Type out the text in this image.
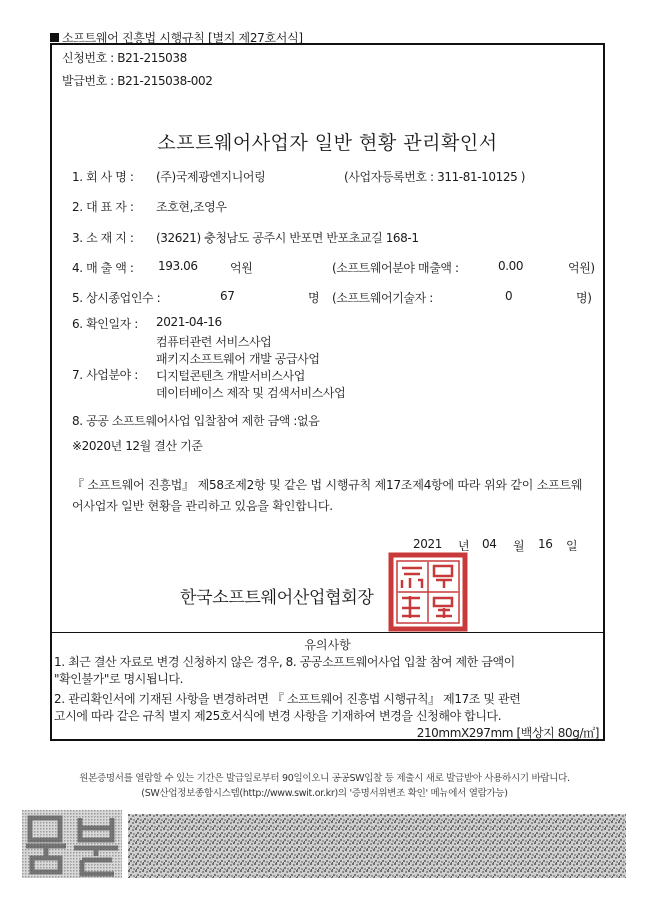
소프트웨어 진흥법 시행규칙 [별지 제27호서식]
신청번호 : B21-215038
발급번호 : B21-215038-002
소프트웨어사업자 일반 현황 관리확인서
1. 회 사 명 : (주)국제광엔지니어링	(사업자등록번호 : 311-81-10125 )
2. 대 표 자 : 조호현,조영우
3. 소 재 지 : (32621) 충청남도 공주시 반포면 반포초교길 168-1
4. 매 출 액 : 193.06	억원	(소프트웨어분야 매출액 :	0.00	억원)
5. 상시종업인수 :	67	명 (소프트웨어기술자 :	0	명)
6. 확인일자 : 2021-04-16
컴퓨터관련 서비스사업
패키지소프트웨어 개발 공급사업
7. 사업분야 : 디지털콘텐츠 개발서비스사업
데이터베이스 제작 및 검색서비스사업
8. 공공 소프트웨어사업 입찰참여 제한 금액 :없음
※2020년 12월 결산 기준
『 소프트웨어 진흥법』 제58조제2항 및 같은 법 시행규칙 제17조제4항에 따라 위와 같이 소프트웨어사업자 일반 현황을 관리하고 있음을 확인합니다.
2021 년 04 월 16 일
한국소프트웨어산업협회장
유의사항
1. 최근 결산 자료로 변경 신청하지 않은 경우, 8. 공공소프트웨어사업 입찰 참여 제한 금액이
"확인불가"로 명시됩니다.
2. 관리확인서에 기재된 사항을 변경하려면 『 소프트웨어 진흥법 시행규칙』 제17조 및 관련
고시에 따라 같은 규칙 별지 제25호서식에 변경 사항을 기재하여 변경을 신청해야 합니다.
210mmX297mm [백상지 80g/㎡]
원본증명서를 열람할 수 있는 기간은 발급일로부터 90일이오니 공공SW입찰 등 제출시 새로 발급받아 사용하시기 바랍니다.
(SW산업정보종합시스템(http://www.swit.or.kr)의 '증명서위변조 확인' 메뉴에서 열람가능)
